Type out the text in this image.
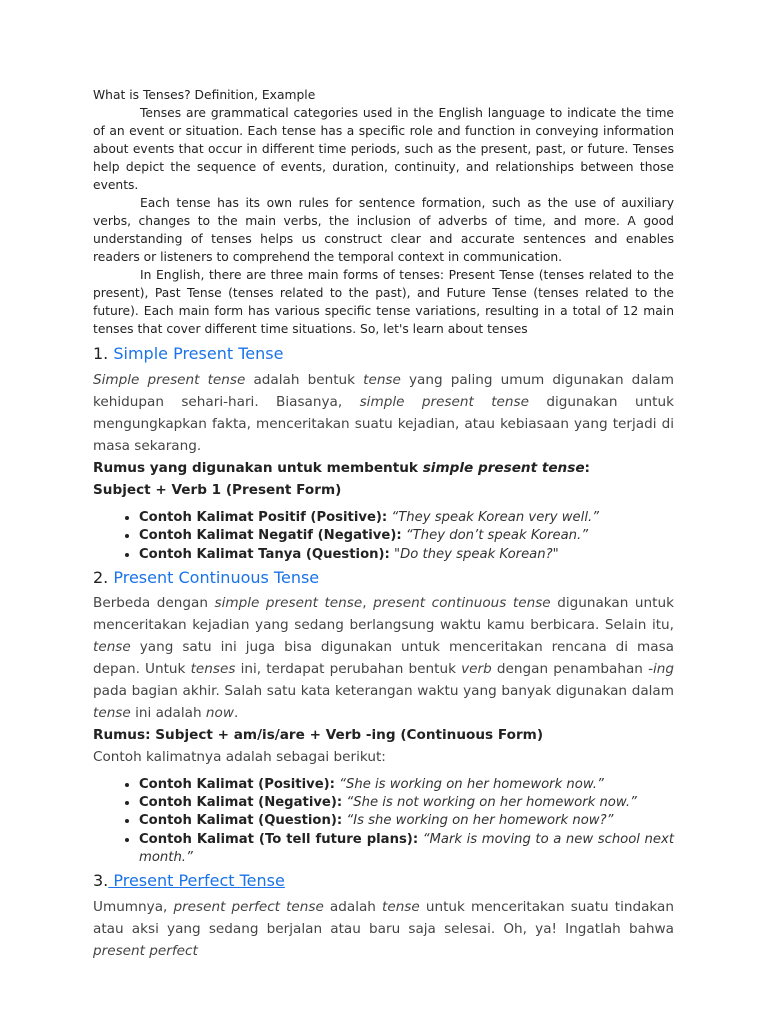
What is Tenses? Definition, Example

Tenses are grammatical categories used in the English language to indicate the time of an event or situation. Each tense has a specific role and function in conveying information about events that occur in different time periods, such as the present, past, or future. Tenses help depict the sequence of events, duration, continuity, and relationships between those events.

Each tense has its own rules for sentence formation, such as the use of auxiliary verbs, changes to the main verbs, the inclusion of adverbs of time, and more. A good understanding of tenses helps us construct clear and accurate sentences and enables readers or listeners to comprehend the temporal context in communication.

In English, there are three main forms of tenses: Present Tense (tenses related to the present), Past Tense (tenses related to the past), and Future Tense (tenses related to the future). Each main form has various specific tense variations, resulting in a total of 12 main tenses that cover different time situations. So, let's learn about tenses

1. Simple Present Tense

Simple present tense adalah bentuk tense yang paling umum digunakan dalam kehidupan sehari-hari. Biasanya, simple present tense digunakan untuk mengungkapkan fakta, menceritakan suatu kejadian, atau kebiasaan yang terjadi di masa sekarang.

Rumus yang digunakan untuk membentuk simple present tense:

Subject + Verb 1 (Present Form)

• Contoh Kalimat Positif (Positive): “They speak Korean very well.”
• Contoh Kalimat Negatif (Negative): “They don’t speak Korean.”
• Contoh Kalimat Tanya (Question): "Do they speak Korean?"
2. Present Continuous Tense

Berbeda dengan simple present tense, present continuous tense digunakan untuk menceritakan kejadian yang sedang berlangsung waktu kamu berbicara. Selain itu, tense yang satu ini juga bisa digunakan untuk menceritakan rencana di masa depan. Untuk tenses ini, terdapat perubahan bentuk verb dengan penambahan -ing pada bagian akhir. Salah satu kata keterangan waktu yang banyak digunakan dalam tense ini adalah now.

Rumus: Subject + am/is/are + Verb -ing (Continuous Form)

Contoh kalimatnya adalah sebagai berikut:

• Contoh Kalimat (Positive): “She is working on her homework now.”
• Contoh Kalimat (Negative): “She is not working on her homework now.”
• Contoh Kalimat (Question): “Is she working on her homework now?”
• Contoh Kalimat (To tell future plans): “Mark is moving to a new school next month.”
3. Present Perfect Tense

Umumnya, present perfect tense adalah tense untuk menceritakan suatu tindakan atau aksi yang sedang berjalan atau baru saja selesai. Oh, ya! Ingatlah bahwa present perfect
